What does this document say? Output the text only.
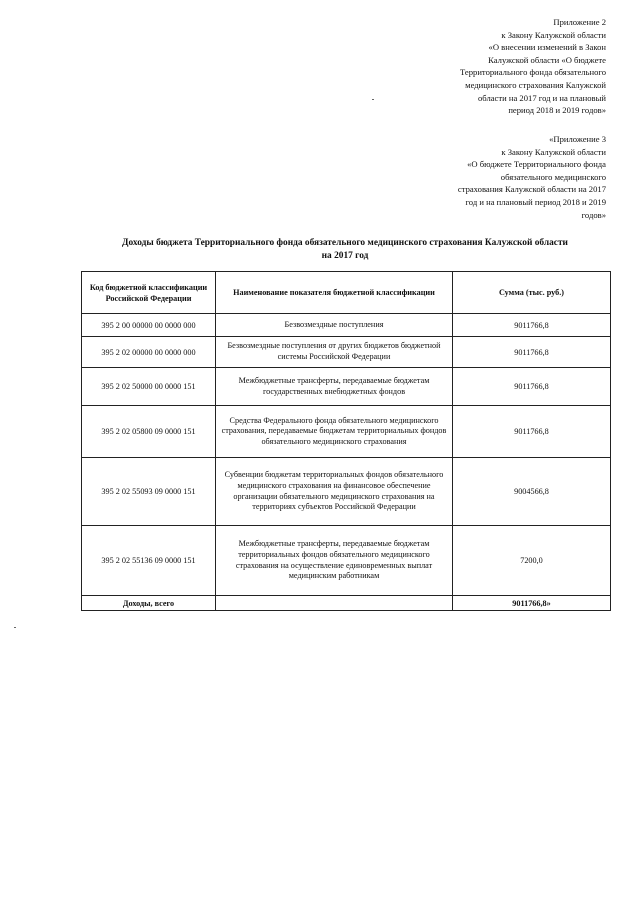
Приложение 2
к Закону Калужской области
«О внесении изменений в Закон
Калужской области «О бюджете
Территориального фонда обязательного
медицинского страхования Калужской
области на 2017 год и на плановый
период 2018 и 2019 годов»
«Приложение 3
к Закону Калужской области
«О бюджете Территориального фонда
обязательного медицинского
страхования Калужской области на 2017
год и на плановый период 2018 и 2019
годов»
Доходы бюджета Территориального фонда обязательного медицинского страхования Калужской области
на 2017 год
Код бюджетной классификации Российской Федерации	Наименование показателя бюджетной классификации	Сумма (тыс. руб.)
395 2 00 00000 00 0000 000	Безвозмездные поступления	9011766,8
395 2 02 00000 00 0000 000	Безвозмездные поступления от других бюджетов бюджетной системы Российской Федерации	9011766,8
395 2 02 50000 00 0000 151	Межбюджетные трансферты, передаваемые бюджетам государственных внебюджетных фондов	9011766,8
395 2 02 05800 09 0000 151	Средства Федерального фонда обязательного медицинского страхования, передаваемые бюджетам территориальных фондов обязательного медицинского страхования	9011766,8
395 2 02 55093 09 0000 151	Субвенции бюджетам территориальных фондов обязательного медицинского страхования на финансовое обеспечение организации обязательного медицинского страхования на территориях субъектов Российской Федерации	9004566,8
395 2 02 55136 09 0000 151	Межбюджетные трансферты, передаваемые бюджетам территориальных фондов обязательного медицинского страхования на осуществление единовременных выплат медицинским работникам	7200,0
Доходы, всего		9011766,8»
